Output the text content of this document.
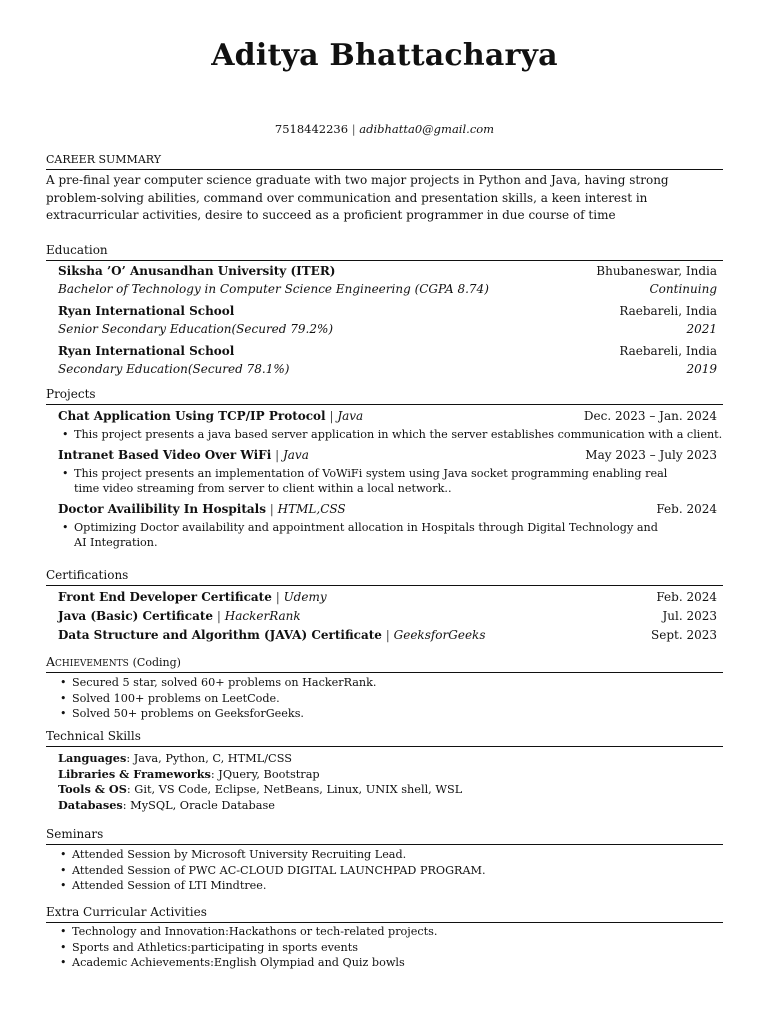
Aditya Bhattacharya
7518442236 | adibhatta0@gmail.com
CAREER SUMMARY
A pre-final year computer science graduate with two major projects in Python and Java, having strong problem-solving abilities, command over communication and presentation skills, a keen interest in extracurricular activities, desire to succeed as a proficient programmer in due course of time
Education
Siksha ’O’ Anusandhan University (ITER)	Bhubaneswar, India
Bachelor of Technology in Computer Science Engineering (CGPA 8.74)	Continuing
Ryan International School	Raebareli, India
Senior Secondary Education(Secured 79.2%)	2021
Ryan International School	Raebareli, India
Secondary Education(Secured 78.1%)	2019
Projects
Chat Application Using TCP/IP Protocol | Java	Dec. 2023 – Jan. 2024
• This project presents a java based server application in which the server establishes communication with a client.
Intranet Based Video Over WiFi | Java	May 2023 – July 2023
• This project presents an implementation of VoWiFi system using Java socket programming enabling real time video streaming from server to client within a local network..
Doctor Availibility In Hospitals | HTML,CSS	Feb. 2024
• Optimizing Doctor availability and appointment allocation in Hospitals through Digital Technology and AI Integration.
Certifications
Front End Developer Certificate | Udemy	Feb. 2024
Java (Basic) Certificate | HackerRank	Jul. 2023
Data Structure and Algorithm (JAVA) Certificate | GeeksforGeeks	Sept. 2023
Achievements (Coding)
• Secured 5 star, solved 60+ problems on HackerRank.
• Solved 100+ problems on LeetCode.
• Solved 50+ problems on GeeksforGeeks.
Technical Skills
Languages: Java, Python, C, HTML/CSS
Libraries & Frameworks: JQuery, Bootstrap
Tools & OS: Git, VS Code, Eclipse, NetBeans, Linux, UNIX shell, WSL
Databases: MySQL, Oracle Database
Seminars
• Attended Session by Microsoft University Recruiting Lead.
• Attended Session of PWC AC-CLOUD DIGITAL LAUNCHPAD PROGRAM.
• Attended Session of LTI Mindtree.
Extra Curricular Activities
• Technology and Innovation:Hackathons or tech-related projects.
• Sports and Athletics:participating in sports events
• Academic Achievements:English Olympiad and Quiz bowls
